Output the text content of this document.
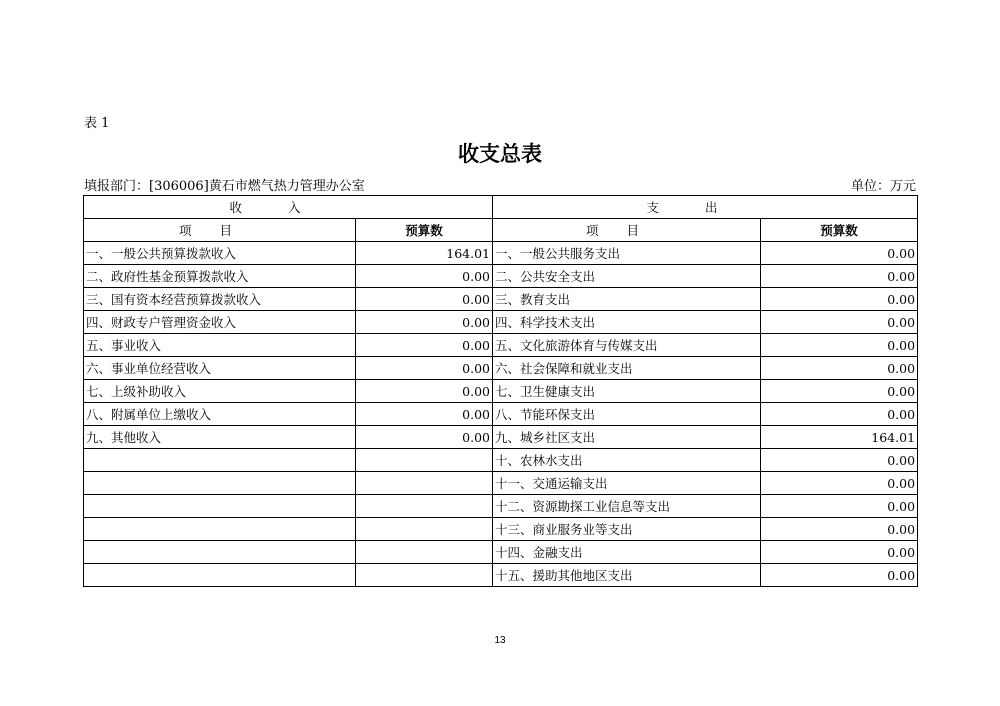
表 1
收支总表
填报部门：[306006]黄石市燃气热力管理办公室	单位：万元
收入		支出	
项目	预算数	项目	预算数
一、一般公共预算拨款收入	164.01	一、一般公共服务支出	0.00
二、政府性基金预算拨款收入	0.00	二、公共安全支出	0.00
三、国有资本经营预算拨款收入	0.00	三、教育支出	0.00
四、财政专户管理资金收入	0.00	四、科学技术支出	0.00
五、事业收入	0.00	五、文化旅游体育与传媒支出	0.00
六、事业单位经营收入	0.00	六、社会保障和就业支出	0.00
七、上级补助收入	0.00	七、卫生健康支出	0.00
八、附属单位上缴收入	0.00	八、节能环保支出	0.00
九、其他收入	0.00	九、城乡社区支出	164.01
		十、农林水支出	0.00
		十一、交通运输支出	0.00
		十二、资源勘探工业信息等支出	0.00
		十三、商业服务业等支出	0.00
		十四、金融支出	0.00
		十五、援助其他地区支出	0.00
13
